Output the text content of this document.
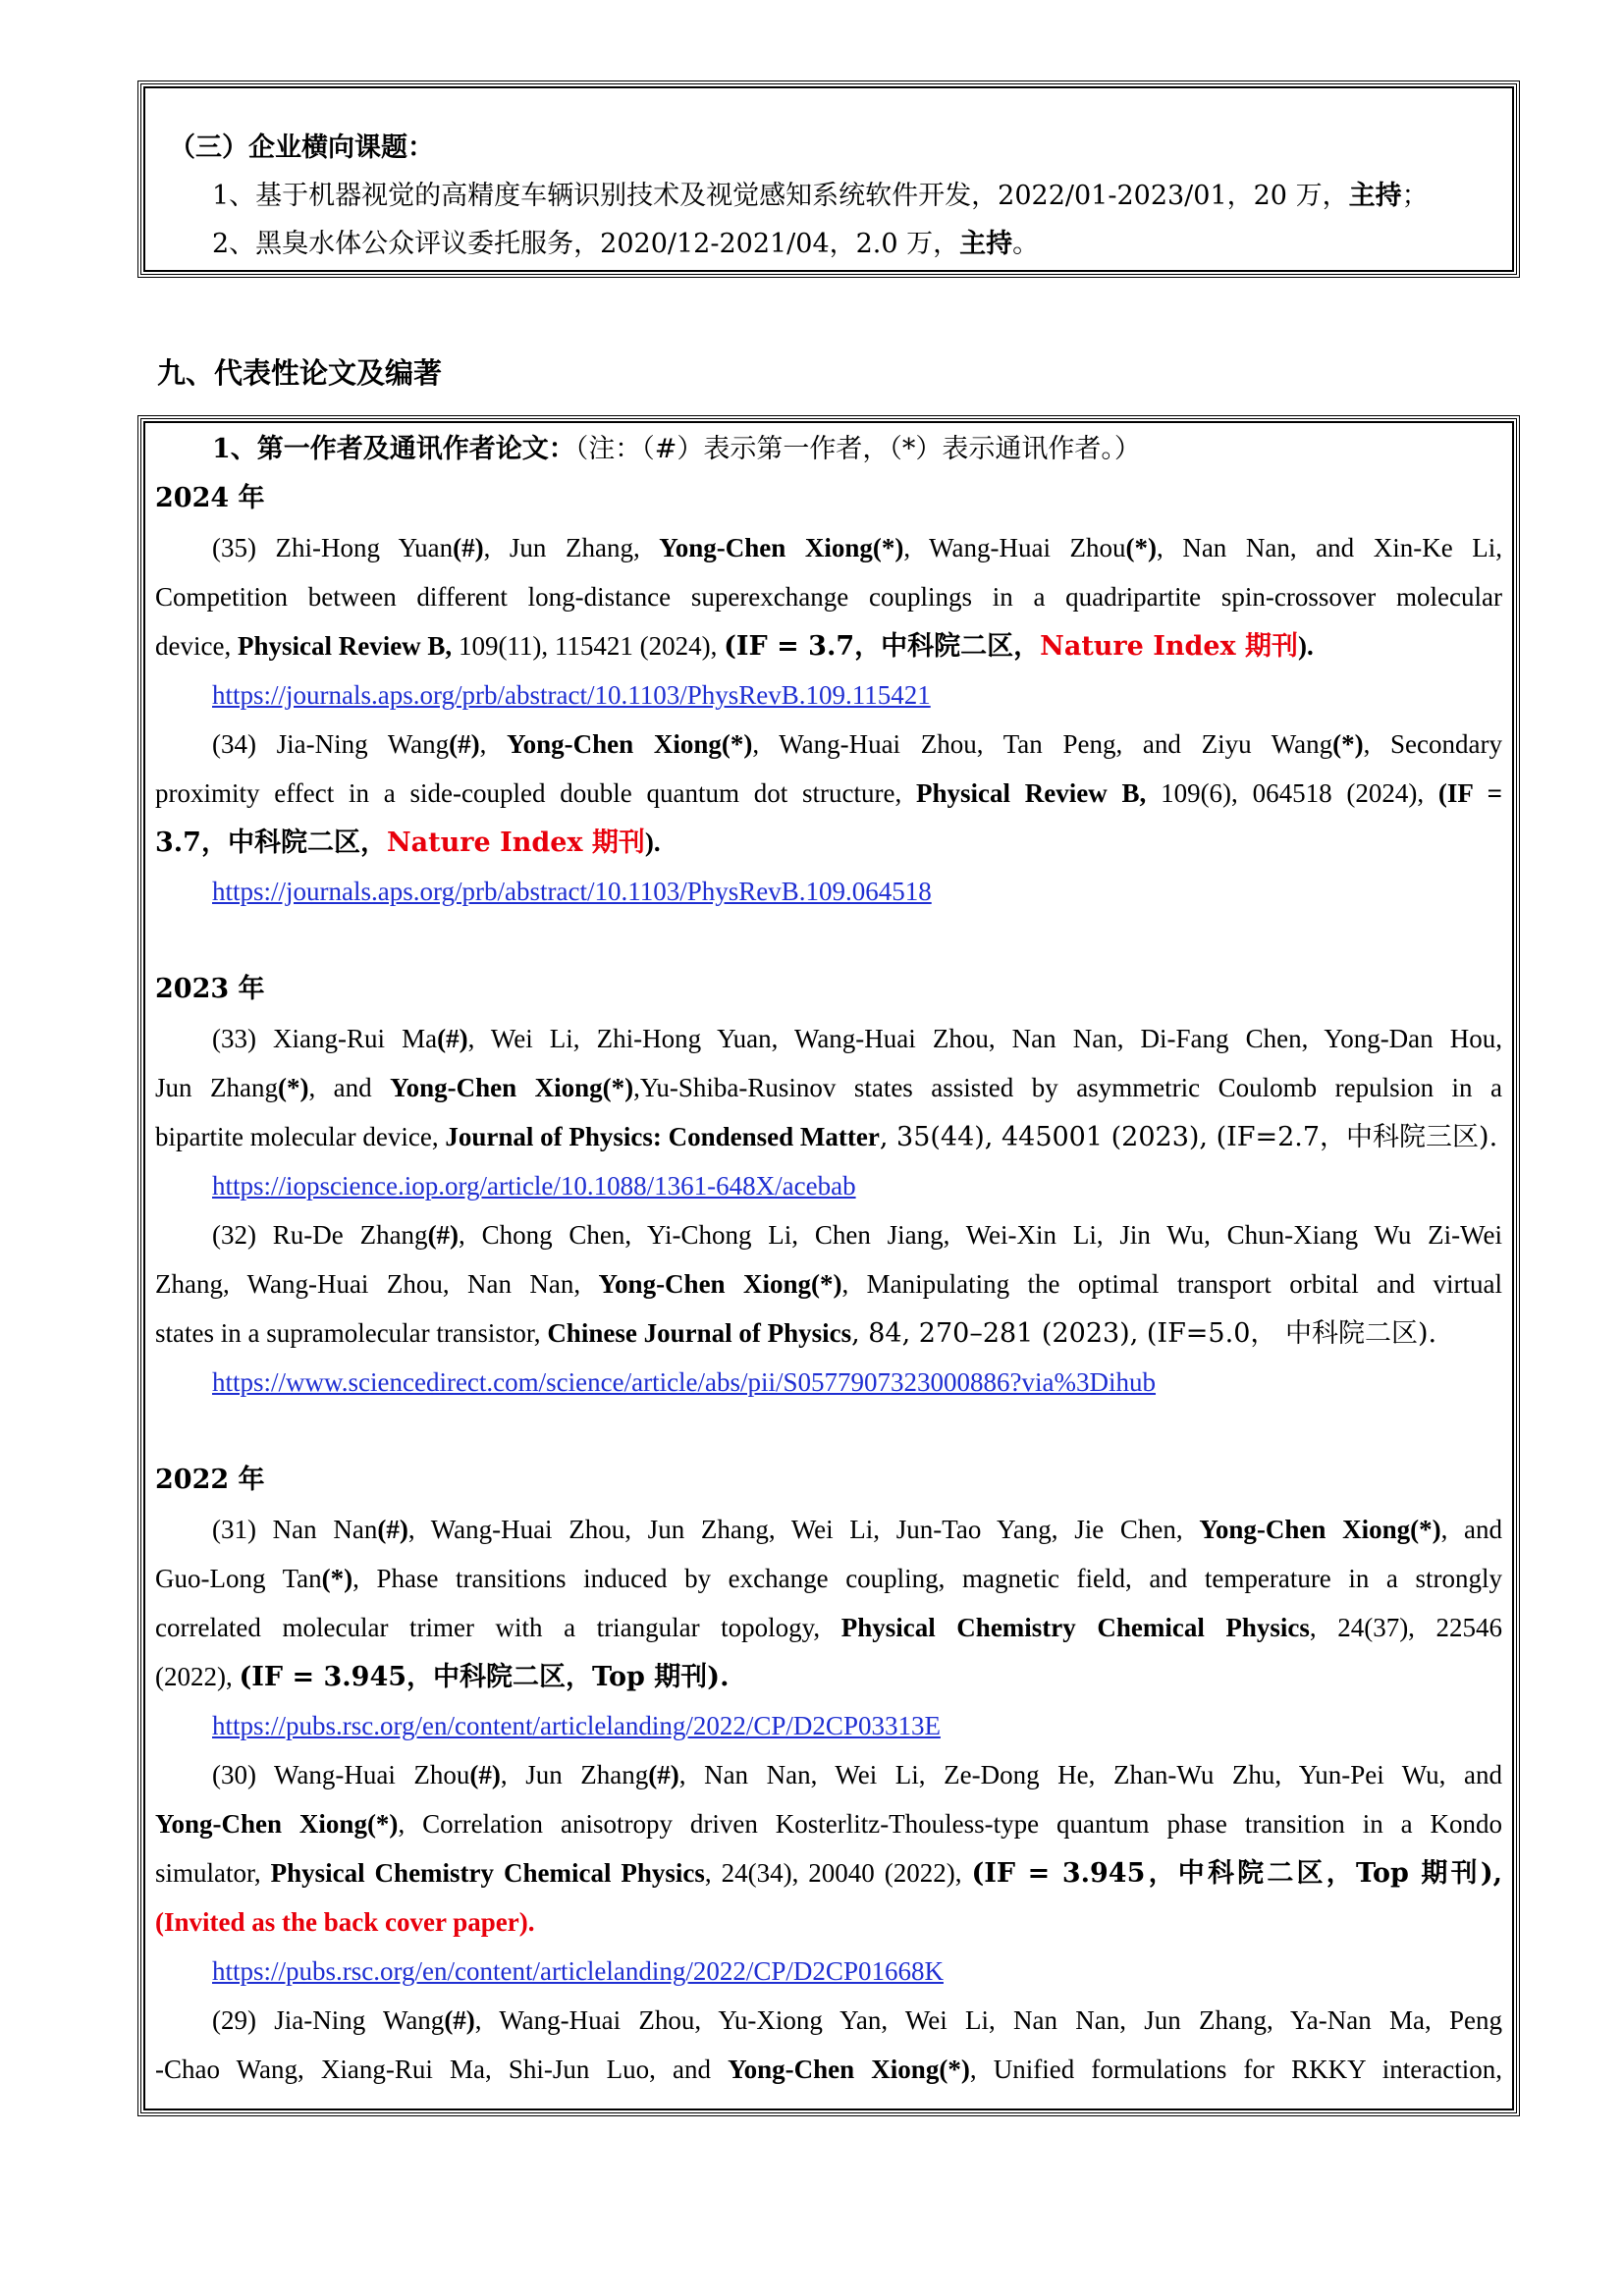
（三）企业横向课题：
1、基于机器视觉的高精度车辆识别技术及视觉感知系统软件开发，2022/01-2023/01，20 万，主持；
2、黑臭水体公众评议委托服务，2020/12-2021/04，2.0 万，主持。
九、代表性论文及编著
1、第一作者及通讯作者论文：（注：（#）表示第一作者，（*）表示通讯作者。）
2024 年
(35) Zhi-Hong Yuan(#), Jun Zhang, Yong-Chen Xiong(*), Wang-Huai Zhou(*), Nan Nan, and Xin-Ke Li,
Competition between different long-distance superexchange couplings in a quadripartite spin-crossover molecular
device, Physical Review B, 109(11), 115421 (2024), (IF = 3.7，中科院二区，Nature Index 期刊).
https://journals.aps.org/prb/abstract/10.1103/PhysRevB.109.115421
(34) Jia-Ning Wang(#), Yong-Chen Xiong(*), Wang-Huai Zhou, Tan Peng, and Ziyu Wang(*), Secondary
proximity effect in a side-coupled double quantum dot structure, Physical Review B, 109(6), 064518 (2024), (IF =
3.7，中科院二区，Nature Index 期刊).
https://journals.aps.org/prb/abstract/10.1103/PhysRevB.109.064518
2023 年
(33) Xiang-Rui Ma(#), Wei Li, Zhi-Hong Yuan, Wang-Huai Zhou, Nan Nan, Di-Fang Chen, Yong-Dan Hou,
Jun Zhang(*), and Yong-Chen Xiong(*),Yu-Shiba-Rusinov states assisted by asymmetric Coulomb repulsion in a
bipartite molecular device, Journal of Physics: Condensed Matter, 35(44), 445001 (2023), (IF=2.7，中科院三区).
https://iopscience.iop.org/article/10.1088/1361-648X/acebab
(32) Ru-De Zhang(#), Chong Chen, Yi-Chong Li, Chen Jiang, Wei-Xin Li, Jin Wu, Chun-Xiang Wu Zi-Wei
Zhang, Wang-Huai Zhou, Nan Nan, Yong-Chen Xiong(*), Manipulating the optimal transport orbital and virtual
states in a supramolecular transistor, Chinese Journal of Physics, 84, 270–281 (2023), (IF=5.0， 中科院二区).
https://www.sciencedirect.com/science/article/abs/pii/S0577907323000886?via%3Dihub
2022 年
(31) Nan Nan(#), Wang-Huai Zhou, Jun Zhang, Wei Li, Jun-Tao Yang, Jie Chen, Yong-Chen Xiong(*), and
Guo-Long Tan(*), Phase transitions induced by exchange coupling, magnetic field, and temperature in a strongly
correlated molecular trimer with a triangular topology, Physical Chemistry Chemical Physics, 24(37), 22546
(2022), (IF = 3.945，中科院二区，Top 期刊).
https://pubs.rsc.org/en/content/articlelanding/2022/CP/D2CP03313E
(30) Wang-Huai Zhou(#), Jun Zhang(#), Nan Nan, Wei Li, Ze-Dong He, Zhan-Wu Zhu, Yun-Pei Wu, and
Yong-Chen Xiong(*), Correlation anisotropy driven Kosterlitz-Thouless-type quantum phase transition in a Kondo
simulator, Physical Chemistry Chemical Physics, 24(34), 20040 (2022), (IF = 3.945，中科院二区，Top 期刊),
(Invited as the back cover paper).
https://pubs.rsc.org/en/content/articlelanding/2022/CP/D2CP01668K
(29) Jia-Ning Wang(#), Wang-Huai Zhou, Yu-Xiong Yan, Wei Li, Nan Nan, Jun Zhang, Ya-Nan Ma, Peng
-Chao Wang, Xiang-Rui Ma, Shi-Jun Luo, and Yong-Chen Xiong(*), Unified formulations for RKKY interaction,
